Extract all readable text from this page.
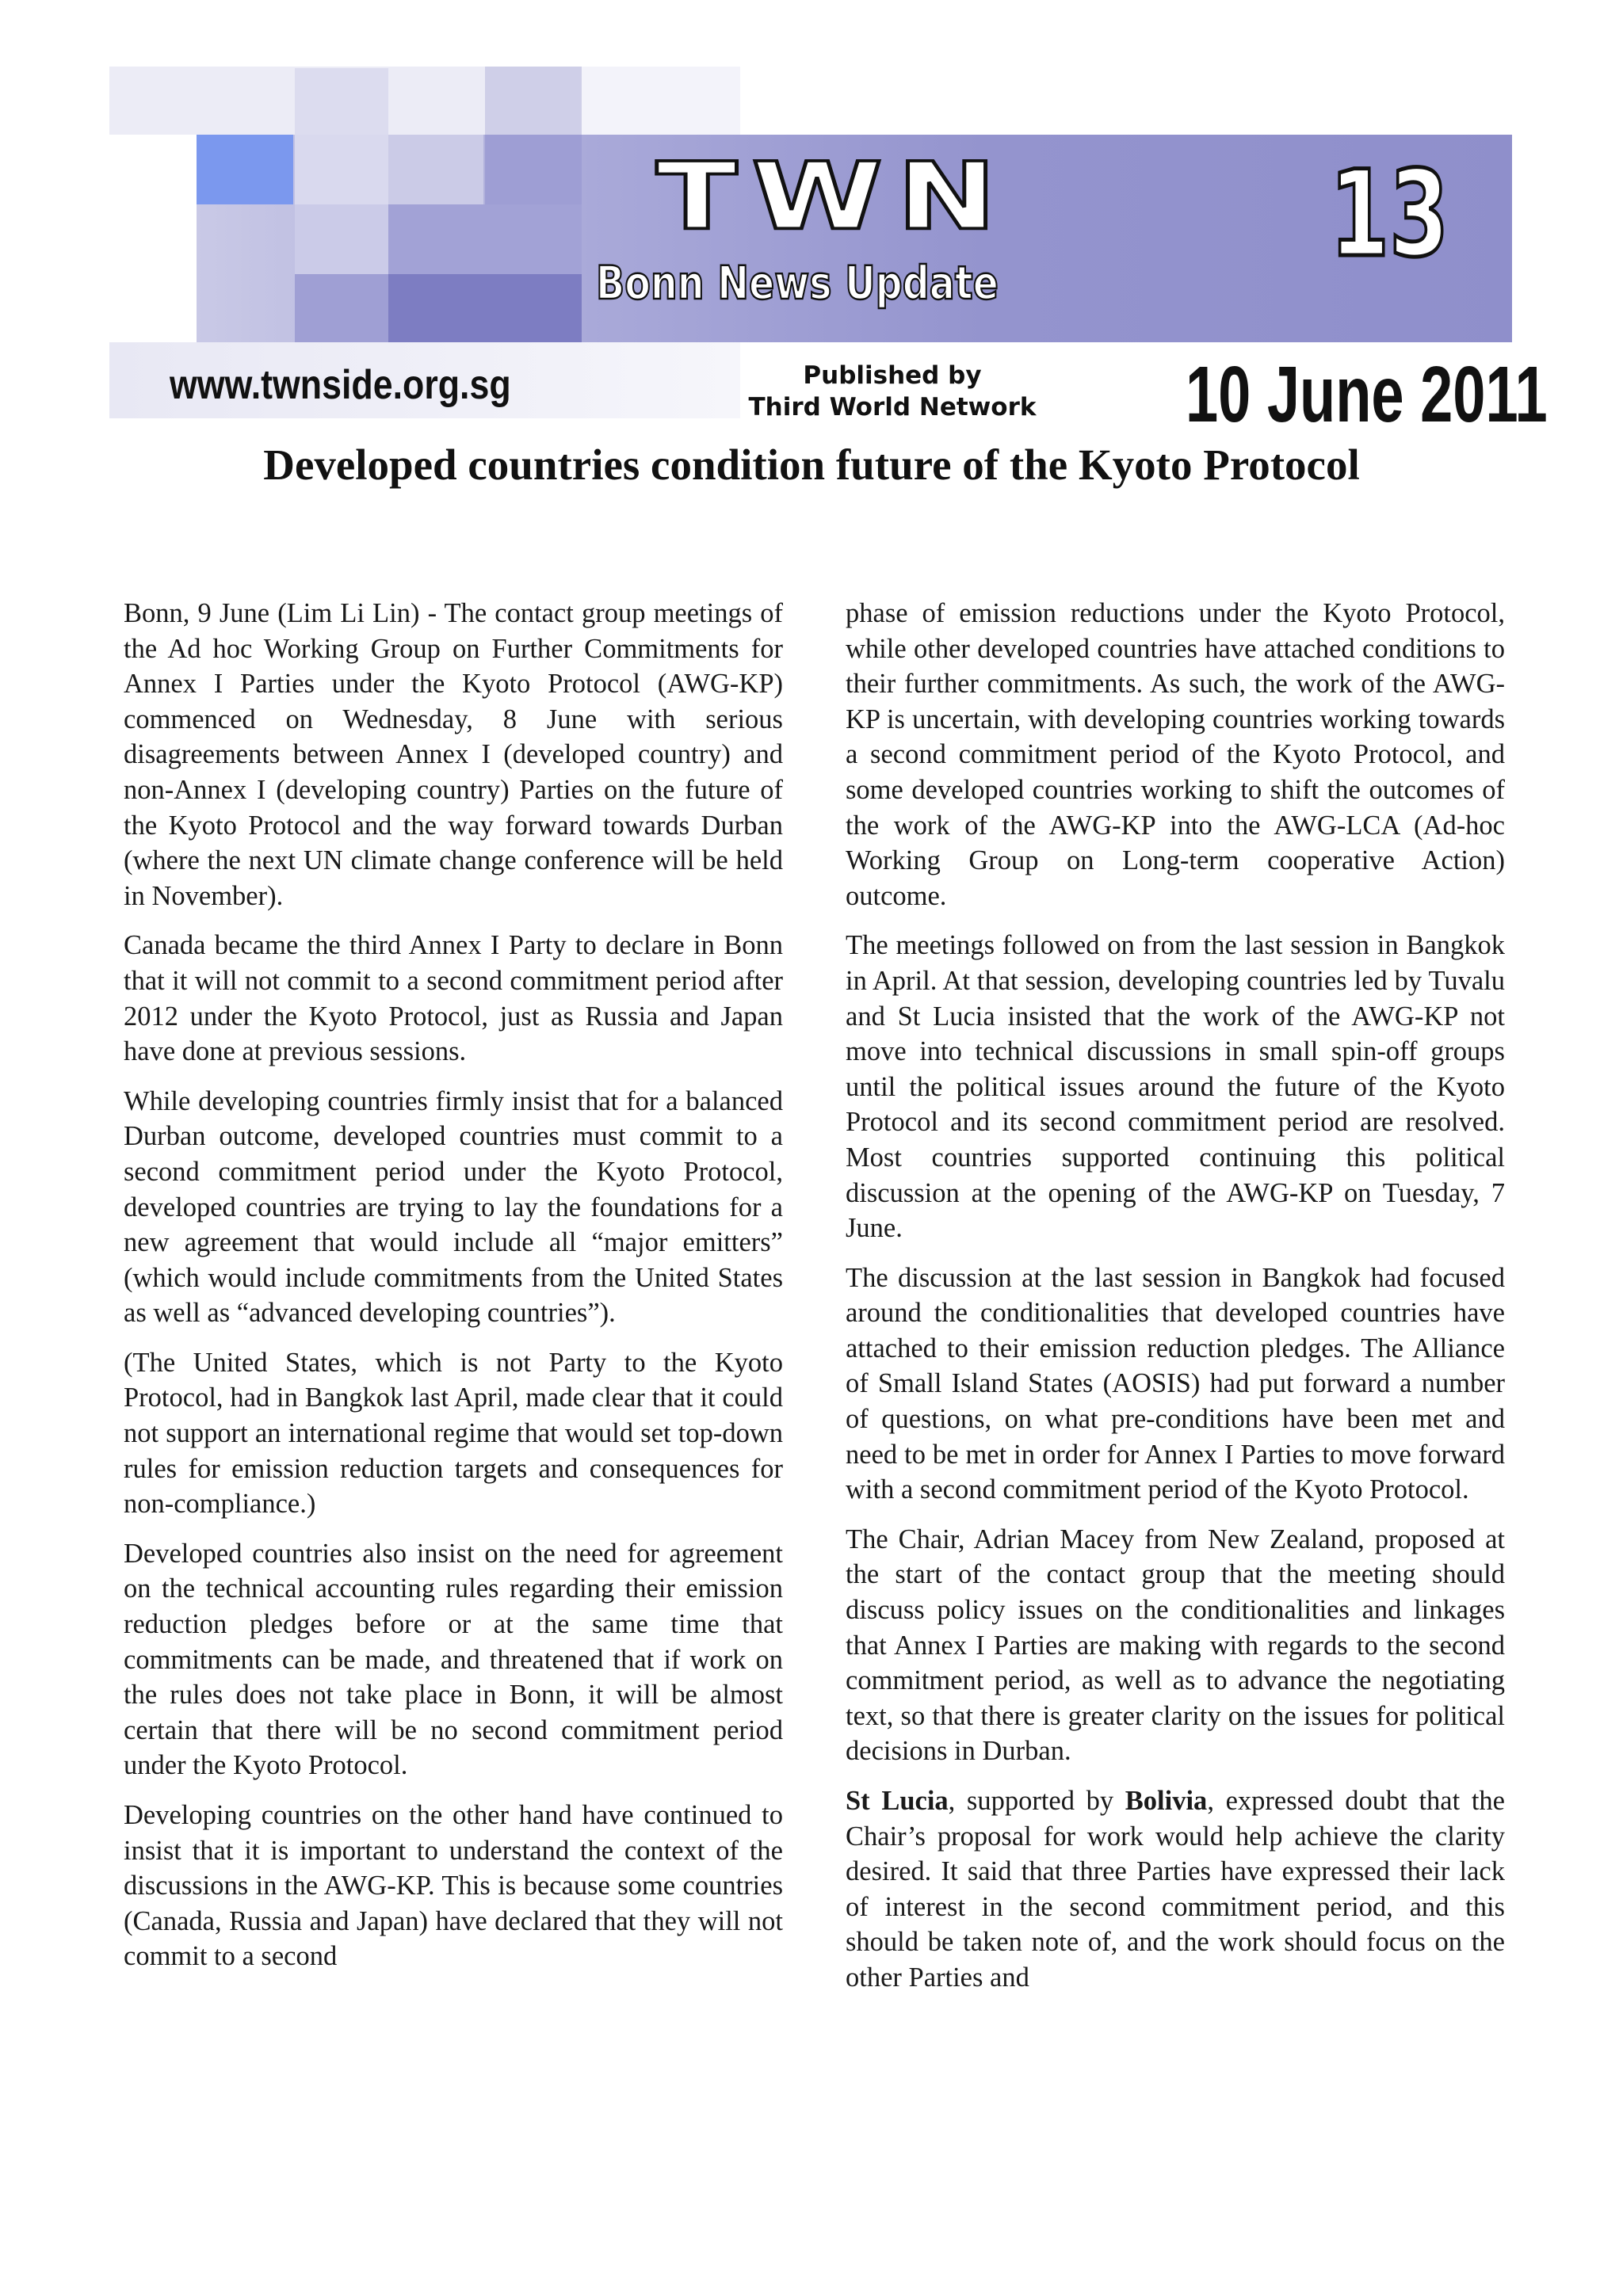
TWN	13
Bonn News Update
www.twnside.org.sg	Published by
Third World Network 10 June 2011
Developed countries condition future of the Kyoto Protocol

Bonn, 9 June (Lim Li Lin) - The contact group meetings of the Ad hoc Working Group on Further Commitments for Annex I Parties under the Kyoto Protocol (AWG-KP) commenced on Wednesday, 8 June with serious disagreements between Annex I (developed country) and non-Annex I (developing country) Parties on the future of the Kyoto Protocol and the way forward towards Durban (where the next UN climate change conference will be held in November).

Canada became the third Annex I Party to declare in Bonn that it will not commit to a second commitment period after 2012 under the Kyoto Protocol, just as Russia and Japan have done at previous sessions.

While developing countries firmly insist that for a balanced Durban outcome, developed countries must commit to a second commitment period under the Kyoto Protocol, developed countries are trying to lay the foundations for a new agreement that would include all “major emitters” (which would include commitments from the United States as well as “advanced developing countries”).

(The United States, which is not Party to the Kyoto Protocol, had in Bangkok last April, made clear that it could not support an international regime that would set top-down rules for emission reduction targets and consequences for non-compliance.)

Developed countries also insist on the need for agreement on the technical accounting rules regarding their emission reduction pledges before or at the same time that commitments can be made, and threatened that if work on the rules does not take place in Bonn, it will be almost certain that there will be no second commitment period under the Kyoto Protocol.

Developing countries on the other hand have continued to insist that it is important to understand the context of the discussions in the AWG-KP. This is because some countries (Canada, Russia and Japan) have declared that they will not commit to a second

phase of emission reductions under the Kyoto Protocol, while other developed countries have attached conditions to their further commitments. As such, the work of the AWG-KP is uncertain, with developing countries working towards a second commitment period of the Kyoto Protocol, and some developed countries working to shift the outcomes of the work of the AWG-KP into the AWG-LCA (Ad-hoc Working Group on Long-term cooperative Action) outcome.

The meetings followed on from the last session in Bangkok in April. At that session, developing countries led by Tuvalu and St Lucia insisted that the work of the AWG-KP not move into technical discussions in small spin-off groups until the political issues around the future of the Kyoto Protocol and its second commitment period are resolved. Most countries supported continuing this political discussion at the opening of the AWG-KP on Tuesday, 7 June.

The discussion at the last session in Bangkok had focused around the conditionalities that developed countries have attached to their emission reduction pledges. The Alliance of Small Island States (AOSIS) had put forward a number of questions, on what pre-conditions have been met and need to be met in order for Annex I Parties to move forward with a second commitment period of the Kyoto Protocol.

The Chair, Adrian Macey from New Zealand, proposed at the start of the contact group that the meeting should discuss policy issues on the conditionalities and linkages that Annex I Parties are making with regards to the second commitment period, as well as to advance the negotiating text, so that there is greater clarity on the issues for political decisions in Durban.

St Lucia, supported by Bolivia, expressed doubt that the Chair’s proposal for work would help achieve the clarity desired. It said that three Parties have expressed their lack of interest in the second commitment period, and this should be taken note of, and the work should focus on the other Parties and
